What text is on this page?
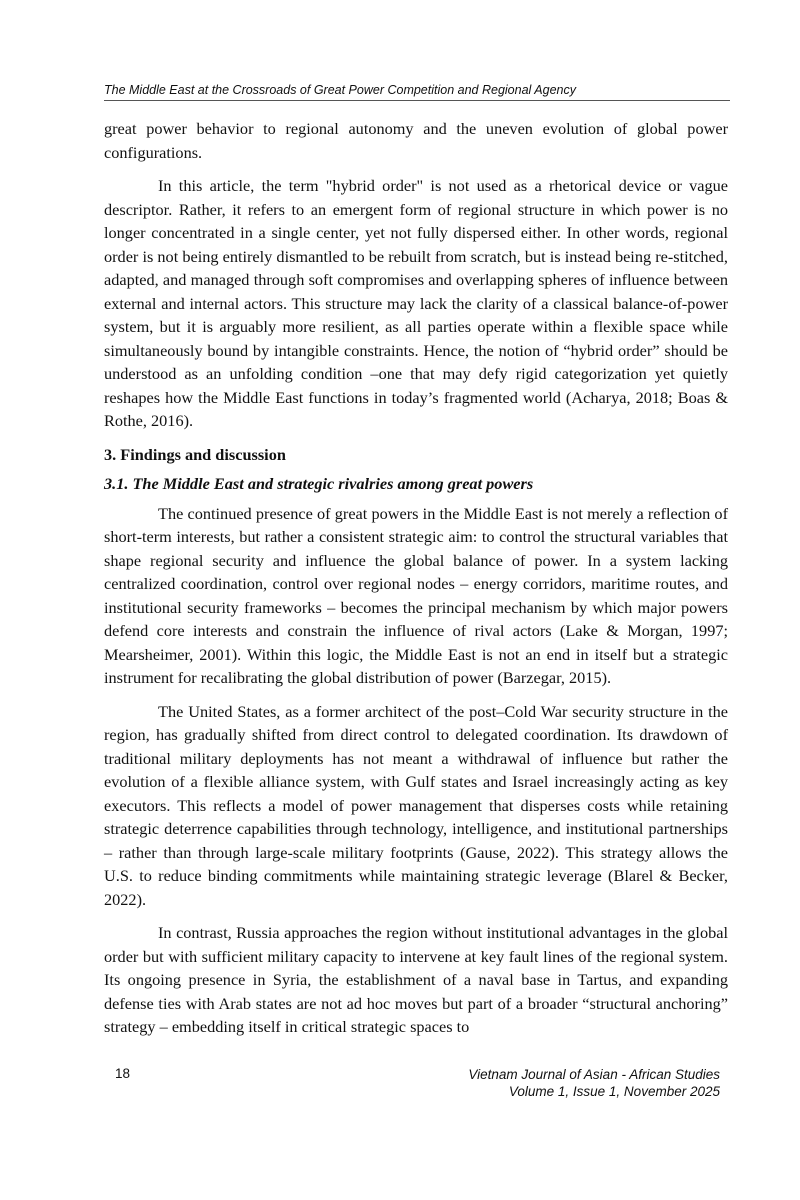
The Middle East at the Crossroads of Great Power Competition and Regional Agency

great power behavior to regional autonomy and the uneven evolution of global power configurations.

In this article, the term "hybrid order" is not used as a rhetorical device or vague descriptor. Rather, it refers to an emergent form of regional structure in which power is no longer concentrated in a single center, yet not fully dispersed either. In other words, regional order is not being entirely dismantled to be rebuilt from scratch, but is instead being re-stitched, adapted, and managed through soft compromises and overlapping spheres of influence between external and internal actors. This structure may lack the clarity of a classical balance-of-power system, but it is arguably more resilient, as all parties operate within a flexible space while simultaneously bound by intangible constraints. Hence, the notion of “hybrid order” should be understood as an unfolding condition –one that may defy rigid categorization yet quietly reshapes how the Middle East functions in today’s fragmented world (Acharya, 2018; Boas & Rothe, 2016).

3. Findings and discussion
3.1. The Middle East and strategic rivalries among great powers

The continued presence of great powers in the Middle East is not merely a reflection of short-term interests, but rather a consistent strategic aim: to control the structural variables that shape regional security and influence the global balance of power. In a system lacking centralized coordination, control over regional nodes – energy corridors, maritime routes, and institutional security frameworks – becomes the principal mechanism by which major powers defend core interests and constrain the influence of rival actors (Lake & Morgan, 1997; Mearsheimer, 2001). Within this logic, the Middle East is not an end in itself but a strategic instrument for recalibrating the global distribution of power (Barzegar, 2015).

The United States, as a former architect of the post–Cold War security structure in the region, has gradually shifted from direct control to delegated coordination. Its drawdown of traditional military deployments has not meant a withdrawal of influence but rather the evolution of a flexible alliance system, with Gulf states and Israel increasingly acting as key executors. This reflects a model of power management that disperses costs while retaining strategic deterrence capabilities through technology, intelligence, and institutional partnerships – rather than through large-scale military footprints (Gause, 2022). This strategy allows the U.S. to reduce binding commitments while maintaining strategic leverage (Blarel & Becker, 2022).

In contrast, Russia approaches the region without institutional advantages in the global order but with sufficient military capacity to intervene at key fault lines of the regional system. Its ongoing presence in Syria, the establishment of a naval base in Tartus, and expanding defense ties with Arab states are not ad hoc moves but part of a broader “structural anchoring” strategy – embedding itself in critical strategic spaces to

18	Vietnam Journal of Asian - African Studies
Volume 1, Issue 1, November 2025
